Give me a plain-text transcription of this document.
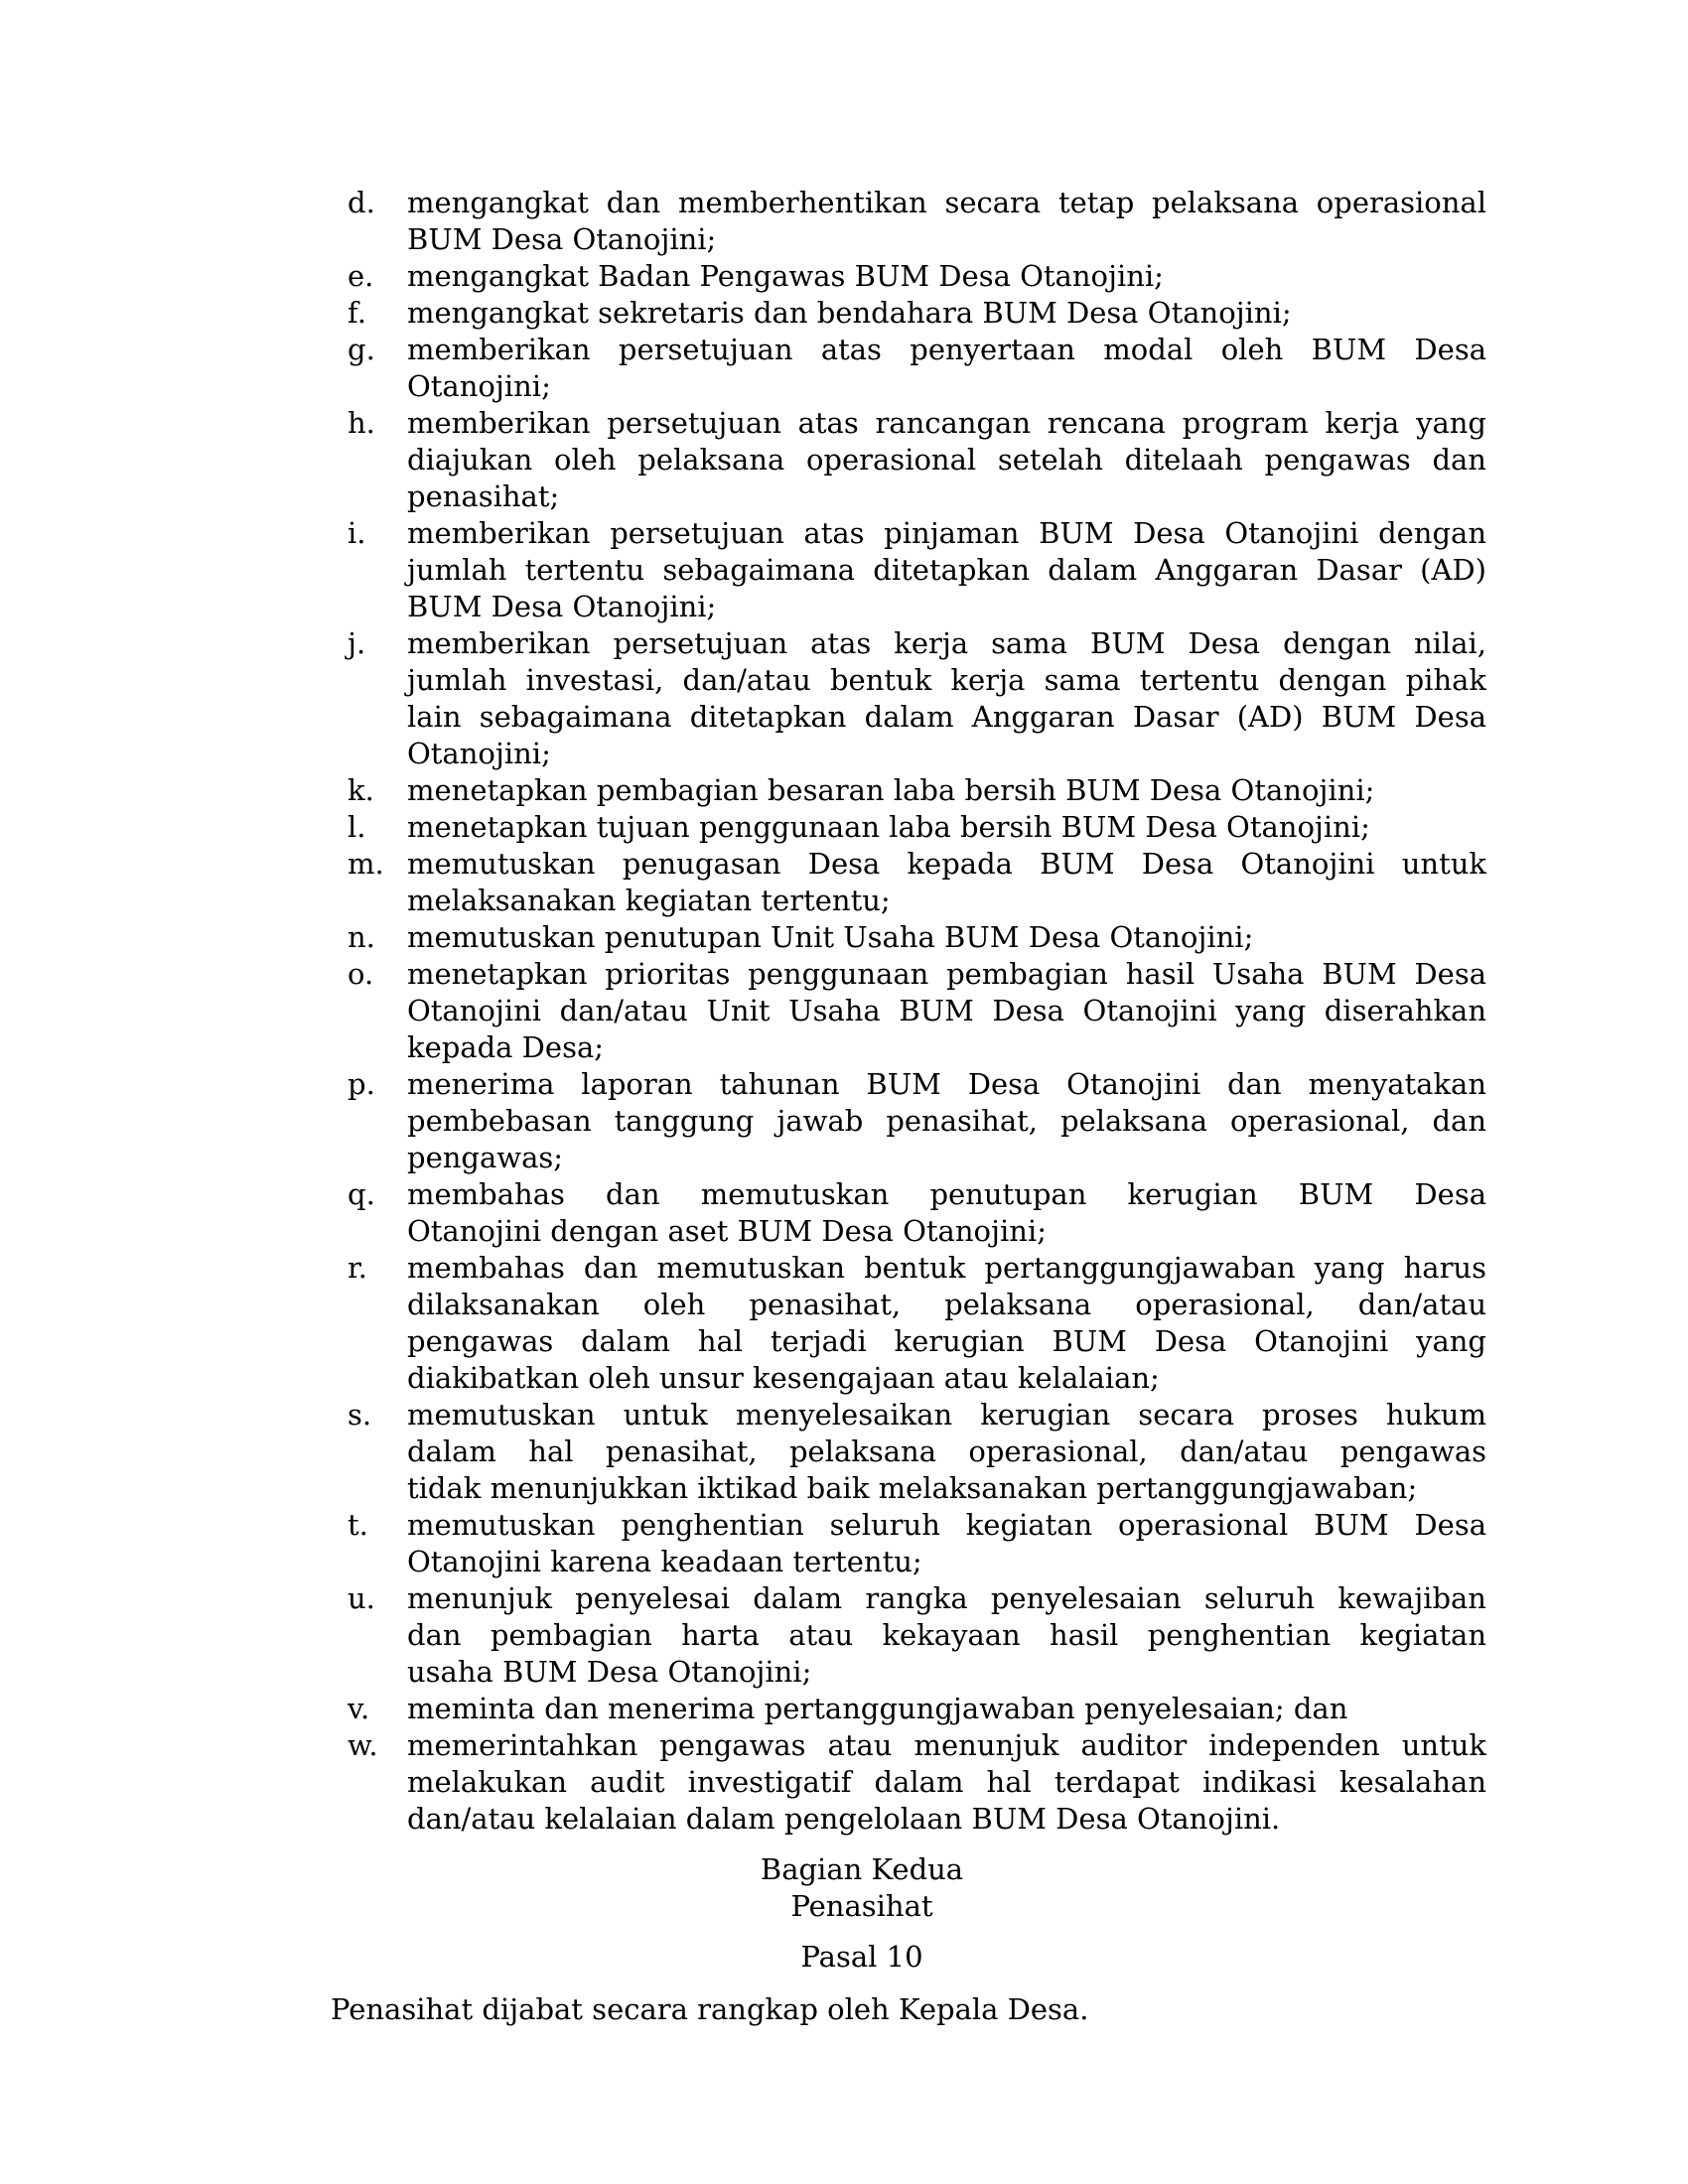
d.	mengangkat dan memberhentikan secara tetap pelaksana operasional
BUM Desa Otanojini;
e.	mengangkat Badan Pengawas BUM Desa Otanojini;
f.	mengangkat sekretaris dan bendahara BUM Desa Otanojini;
g.	memberikan persetujuan atas penyertaan modal oleh BUM Desa
Otanojini;
h.	memberikan persetujuan atas rancangan rencana program kerja yang
diajukan oleh pelaksana operasional setelah ditelaah pengawas dan
penasihat;
i.	memberikan persetujuan atas pinjaman BUM Desa Otanojini dengan
jumlah tertentu sebagaimana ditetapkan dalam Anggaran Dasar (AD)
BUM Desa Otanojini;
j.	memberikan persetujuan atas kerja sama BUM Desa dengan nilai,
jumlah investasi, dan/atau bentuk kerja sama tertentu dengan pihak
lain sebagaimana ditetapkan dalam Anggaran Dasar (AD) BUM Desa
Otanojini;
k.	menetapkan pembagian besaran laba bersih BUM Desa Otanojini;
l.	menetapkan tujuan penggunaan laba bersih BUM Desa Otanojini;
m. memutuskan penugasan Desa kepada BUM Desa Otanojini untuk
melaksanakan kegiatan tertentu;
n.	memutuskan penutupan Unit Usaha BUM Desa Otanojini;
o.	menetapkan prioritas penggunaan pembagian hasil Usaha BUM Desa
Otanojini dan/atau Unit Usaha BUM Desa Otanojini yang diserahkan
kepada Desa;
p.	menerima laporan tahunan BUM Desa Otanojini dan menyatakan
pembebasan tanggung jawab penasihat, pelaksana operasional, dan
pengawas;
q.	membahas dan memutuskan penutupan kerugian BUM Desa
Otanojini dengan aset BUM Desa Otanojini;
r.	membahas dan memutuskan bentuk pertanggungjawaban yang harus
dilaksanakan oleh penasihat, pelaksana operasional, dan/atau
pengawas dalam hal terjadi kerugian BUM Desa Otanojini yang
diakibatkan oleh unsur kesengajaan atau kelalaian;
s.	memutuskan untuk menyelesaikan kerugian secara proses hukum
dalam hal penasihat, pelaksana operasional, dan/atau pengawas
tidak menunjukkan iktikad baik melaksanakan pertanggungjawaban;
t.	memutuskan penghentian seluruh kegiatan operasional BUM Desa
Otanojini karena keadaan tertentu;
u.	menunjuk penyelesai dalam rangka penyelesaian seluruh kewajiban
dan pembagian harta atau kekayaan hasil penghentian kegiatan
usaha BUM Desa Otanojini;
v.	meminta dan menerima pertanggungjawaban penyelesaian; dan
w.	memerintahkan pengawas atau menunjuk auditor independen untuk
melakukan audit investigatif dalam hal terdapat indikasi kesalahan
dan/atau kelalaian dalam pengelolaan BUM Desa Otanojini.
Bagian Kedua
Penasihat
Pasal 10
Penasihat dijabat secara rangkap oleh Kepala Desa.
